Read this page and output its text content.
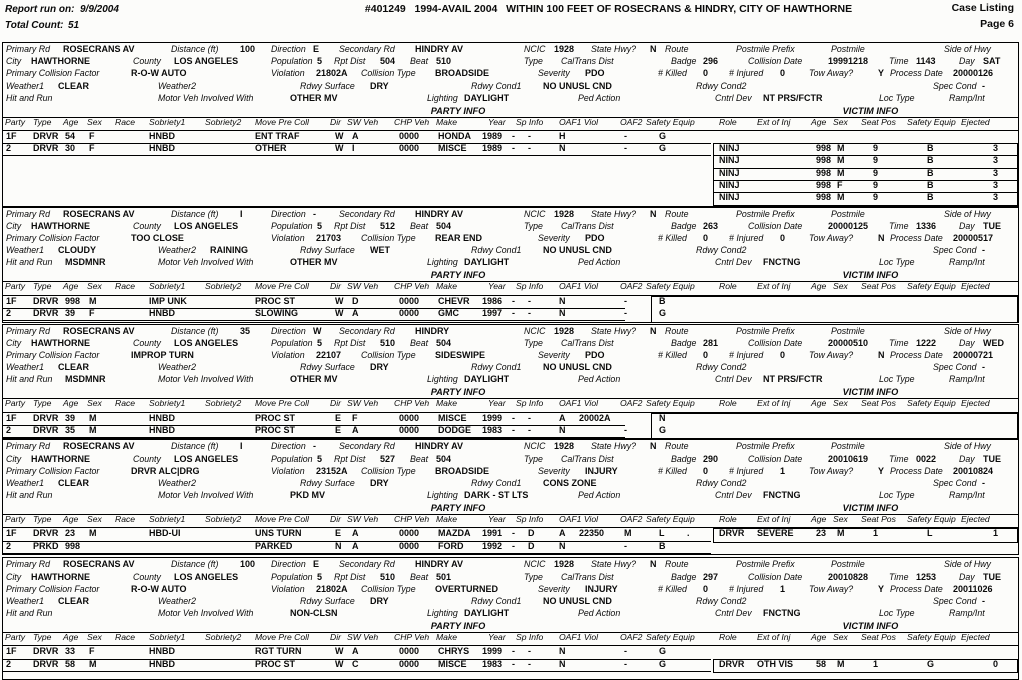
Report run on: 9/9/2004	#401249   1994-AVAIL 2004   WITHIN 100 FEET OF ROSECRANS & HINDRY, CITY OF HAWTHORNE	Case Listing
Total Count: 51	Page 6
Primary Rd ROSECRANS AV	Distance (ft) 100 Direction E Secondary Rd HINDRY AV	NCIC 1928 State Hwy? N Route	Postmile Prefix	Postmile	Side of Hwy
City HAWTHORNE	County LOS ANGELES	Population 5 Rpt Dist 504 Beat 510	Type CalTrans Dist	Badge 296	Collision Date	19991218 Time 1143	Day SAT
Primary Collision Factor	R-O-W AUTO	Violation 21802A Collision Type BROADSIDE	Severity PDO	# Killed 0 # Injured 0	Tow Away?	Y Process Date 20000126
Weather1 CLEAR	Weather2	Rdwy Surface DRY	Rdwy Cond1 NO UNUSL CND	Rdwy Cond2	Spec Cond -
Hit and Run	Motor Veh Involved With	OTHER MV	Lighting DAYLIGHT	Ped Action	Cntrl Dev NT PRS/FCTR	Loc Type	Ramp/Int
PARTY INFO	VICTIM INFO
Party Type Age Sex Race Sobriety1 Sobriety2 Move Pre Coll Dir SW Veh CHP Veh Make	Year Sp Info OAF1 Viol	OAF2 Safety Equip	Role Ext of Inj Age Sex Seat Pos Safety Equip Ejected
1F DRVR 54 F	HNBD	ENT TRAF	W A	0000 HONDA 1989 - -	H	-	G
2 DRVR 30 F	HNBD	OTHER	W I	0000 MISCE 1989 - -	N	-	G	NINJ	998 M	9	B	3
NINJ	998 M	9	B	3
NINJ	998 M	9	B	3
NINJ	998 F	9	B	3
NINJ	998 M	9	B	3
Primary Rd ROSECRANS AV	Distance (ft) I	Direction -	Secondary Rd HINDRY AV	NCIC 1928 State Hwy? N Route	Postmile Prefix	Postmile	Side of Hwy
City HAWTHORNE	County LOS ANGELES	Population 5 Rpt Dist 512 Beat 504	Type CalTrans Dist	Badge 263	Collision Date	20000125 Time 1336	Day TUE
Primary Collision Factor	TOO CLOSE	Violation 21703 Collision Type REAR END	Severity PDO	# Killed 0 # Injured 0	Tow Away?	N Process Date 20000517
Weather1 CLOUDY	Weather2 RAINING	Rdwy Surface WET	Rdwy Cond1 NO UNUSL CND	Rdwy Cond2	Spec Cond -
Hit and Run MSDMNR	Motor Veh Involved With	OTHER MV	Lighting DAYLIGHT	Ped Action	Cntrl Dev FNCTNG	Loc Type	Ramp/Int
PARTY INFO	VICTIM INFO
Party Type Age Sex Race Sobriety1 Sobriety2 Move Pre Coll Dir SW Veh CHP Veh Make	Year Sp Info OAF1 Viol	OAF2 Safety Equip	Role Ext of Inj Age Sex Seat Pos Safety Equip Ejected
1F DRVR 998 M	IMP UNK	PROC ST	W D	0000 CHEVR 1986 - -	N	-	B
2 DRVR 39 F	HNBD	SLOWING	W A	0000 GMC	1997 - -	N	-	G
Primary Rd ROSECRANS AV	Distance (ft) 35 Direction W Secondary Rd HINDRY	NCIC 1928 State Hwy? N Route	Postmile Prefix	Postmile	Side of Hwy
City HAWTHORNE	County LOS ANGELES	Population 5 Rpt Dist 510 Beat 504	Type CalTrans Dist	Badge 281	Collision Date	20000510 Time 1222	Day WED
Primary Collision Factor	IMPROP TURN	Violation 22107 Collision Type SIDESWIPE	Severity PDO	# Killed 0 # Injured 0	Tow Away?	N Process Date 20000721
Weather1 CLEAR	Weather2	Rdwy Surface DRY	Rdwy Cond1 NO UNUSL CND	Rdwy Cond2	Spec Cond -
Hit and Run MSDMNR	Motor Veh Involved With	OTHER MV	Lighting DAYLIGHT	Ped Action	Cntrl Dev NT PRS/FCTR	Loc Type	Ramp/Int
PARTY INFO	VICTIM INFO
Party Type Age Sex Race Sobriety1 Sobriety2 Move Pre Coll Dir SW Veh CHP Veh Make	Year Sp Info OAF1 Viol	OAF2 Safety Equip	Role Ext of Inj Age Sex Seat Pos Safety Equip Ejected
1F DRVR 39 M	HNBD	PROC ST	E F	0000 MISCE 1999 - -	A 20002A	N
2 DRVR 35 M	HNBD	PROC ST	E A	0000 DODGE 1983 - -	N	-	G
Primary Rd ROSECRANS AV	Distance (ft) I	Direction -	Secondary Rd HINDRY AV	NCIC 1928 State Hwy? N Route	Postmile Prefix	Postmile	Side of Hwy
City HAWTHORNE	County LOS ANGELES	Population 5 Rpt Dist 527 Beat 504	Type CalTrans Dist	Badge 290	Collision Date	20010619 Time 0022	Day TUE
Primary Collision Factor	DRVR ALC|DRG	Violation 23152A Collision Type BROADSIDE	Severity INJURY	# Killed 0 # Injured 1	Tow Away?	Y Process Date 20010824
Weather1 CLEAR	Weather2	Rdwy Surface DRY	Rdwy Cond1 CONS ZONE	Rdwy Cond2	Spec Cond -
Hit and Run	Motor Veh Involved With	PKD MV	Lighting DARK - ST LTS	Ped Action	Cntrl Dev FNCTNG	Loc Type	Ramp/Int
PARTY INFO	VICTIM INFO
Party Type Age Sex Race Sobriety1 Sobriety2 Move Pre Coll Dir SW Veh CHP Veh Make	Year Sp Info OAF1 Viol	OAF2 Safety Equip	Role Ext of Inj Age Sex Seat Pos Safety Equip Ejected
1F DRVR 23 M	HBD-UI	UNS TURN	E A	0000 MAZDA 1991 - D	A 22350 M	L	.	DRVR SEVERE 23 M	1	L	1
2 PRKD 998	PARKED	N A	0000 FORD 1992 - D	N	-	B
Primary Rd ROSECRANS AV	Distance (ft) 100 Direction E Secondary Rd HINDRY AV	NCIC 1928 State Hwy? N Route	Postmile Prefix	Postmile	Side of Hwy
City HAWTHORNE	County LOS ANGELES	Population 5 Rpt Dist 510 Beat 501	Type CalTrans Dist	Badge 297	Collision Date	20010828 Time 1253	Day TUE
Primary Collision Factor	R-O-W AUTO	Violation 21802A Collision Type OVERTURNED	Severity INJURY	# Killed 0 # Injured 1	Tow Away?	Y Process Date 20011026
Weather1 CLEAR	Weather2	Rdwy Surface DRY	Rdwy Cond1 NO UNUSL CND	Rdwy Cond2	Spec Cond -
Hit and Run	Motor Veh Involved With	NON-CLSN	Lighting DAYLIGHT	Ped Action	Cntrl Dev FNCTNG	Loc Type	Ramp/Int
PARTY INFO	VICTIM INFO
Party Type Age Sex Race Sobriety1 Sobriety2 Move Pre Coll Dir SW Veh CHP Veh Make	Year Sp Info OAF1 Viol	OAF2 Safety Equip	Role Ext of Inj Age Sex Seat Pos Safety Equip Ejected
1F DRVR 33 F	HNBD	RGT TURN	W A	0000 CHRYS 1999 - -	N	-	G
2 DRVR 58 M	HNBD	PROC ST	W C	0000 MISCE 1983 - -	N	-	G	DRVR OTH VIS	58 M	1	G	0
